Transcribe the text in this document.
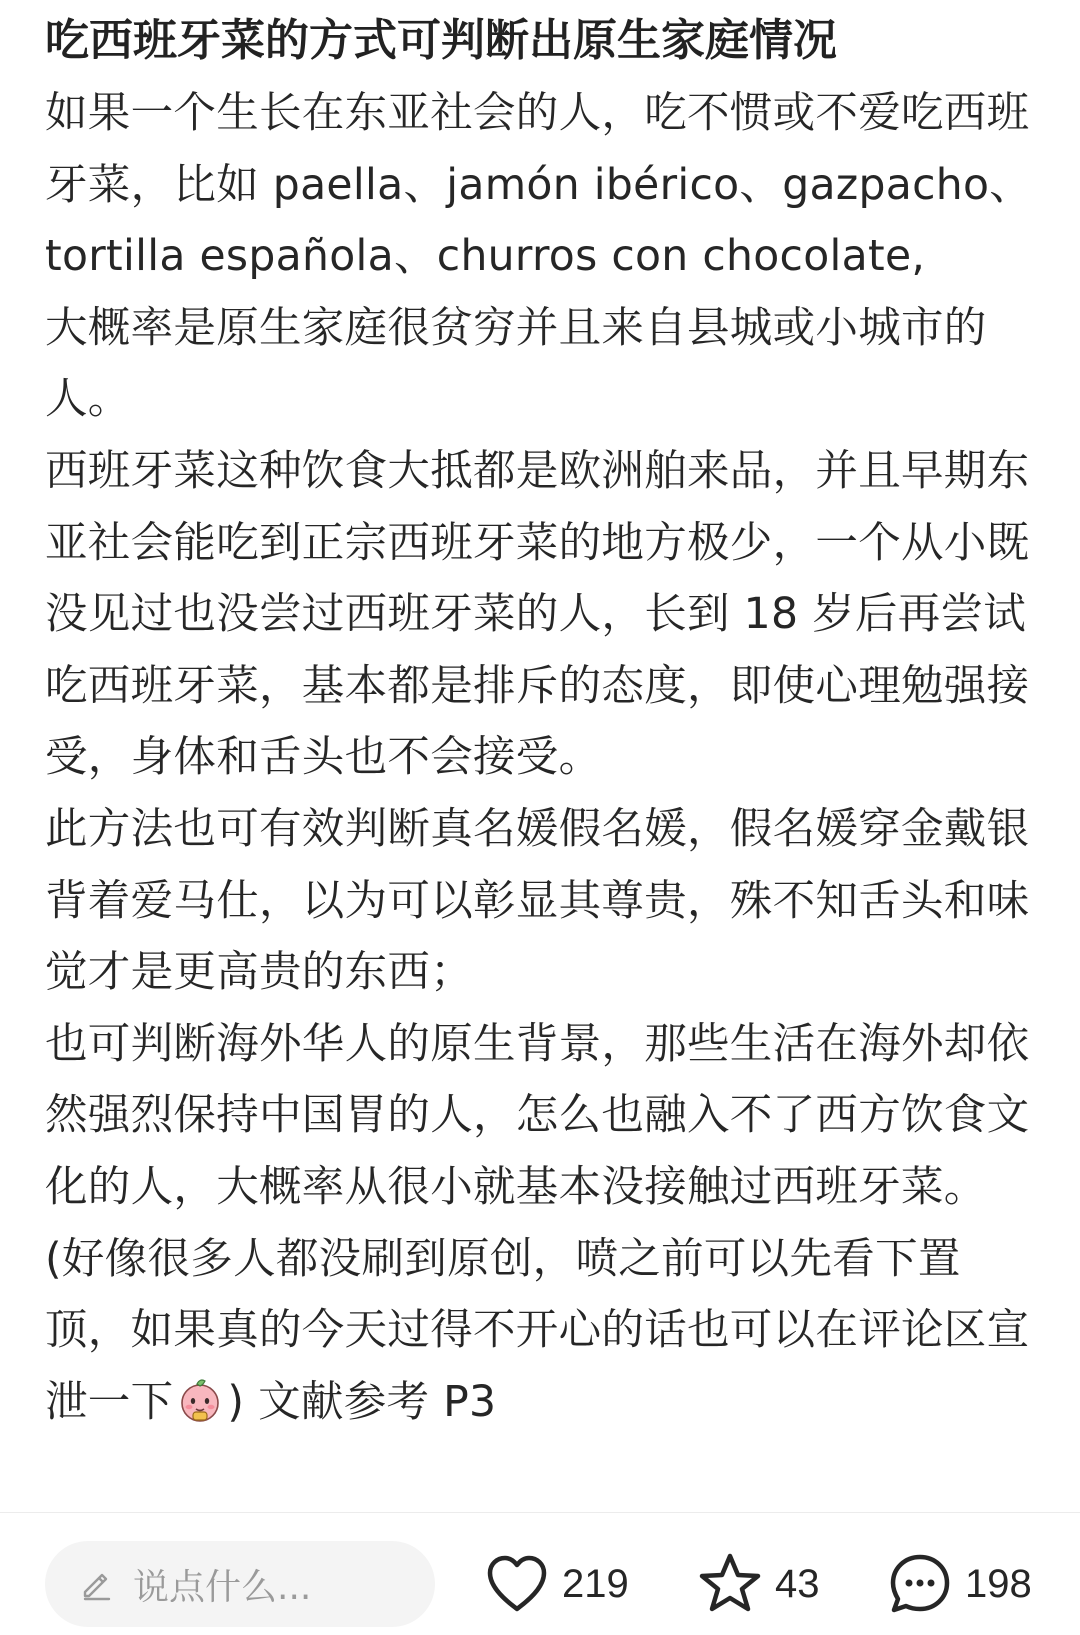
吃西班牙菜的方式可判断出原生家庭情况

如果一个生长在东亚社会的人，吃不惯或不爱吃西班牙菜，比如 paella、jamón ibérico、gazpacho、tortilla española、churros con chocolate,

大概率是原生家庭很贫穷并且来自县城或小城市的人。

西班牙菜这种饮食大抵都是欧洲舶来品，并且早期东亚社会能吃到正宗西班牙菜的地方极少，一个从小既没见过也没尝过西班牙菜的人，长到 18 岁后再尝试吃西班牙菜，基本都是排斥的态度，即使心理勉强接受，身体和舌头也不会接受。

此方法也可有效判断真名媛假名媛，假名媛穿金戴银背着爱马仕，以为可以彰显其尊贵，殊不知舌头和味觉才是更高贵的东西；

也可判断海外华人的原生背景，那些生活在海外却依然强烈保持中国胃的人，怎么也融入不了西方饮食文化的人，大概率从很小就基本没接触过西班牙菜。

(好像很多人都没刷到原创，喷之前可以先看下置顶，如果真的今天过得不开心的话也可以在评论区宣泄一下 ) 文献参考 P3

说点什么...	219	43	198
